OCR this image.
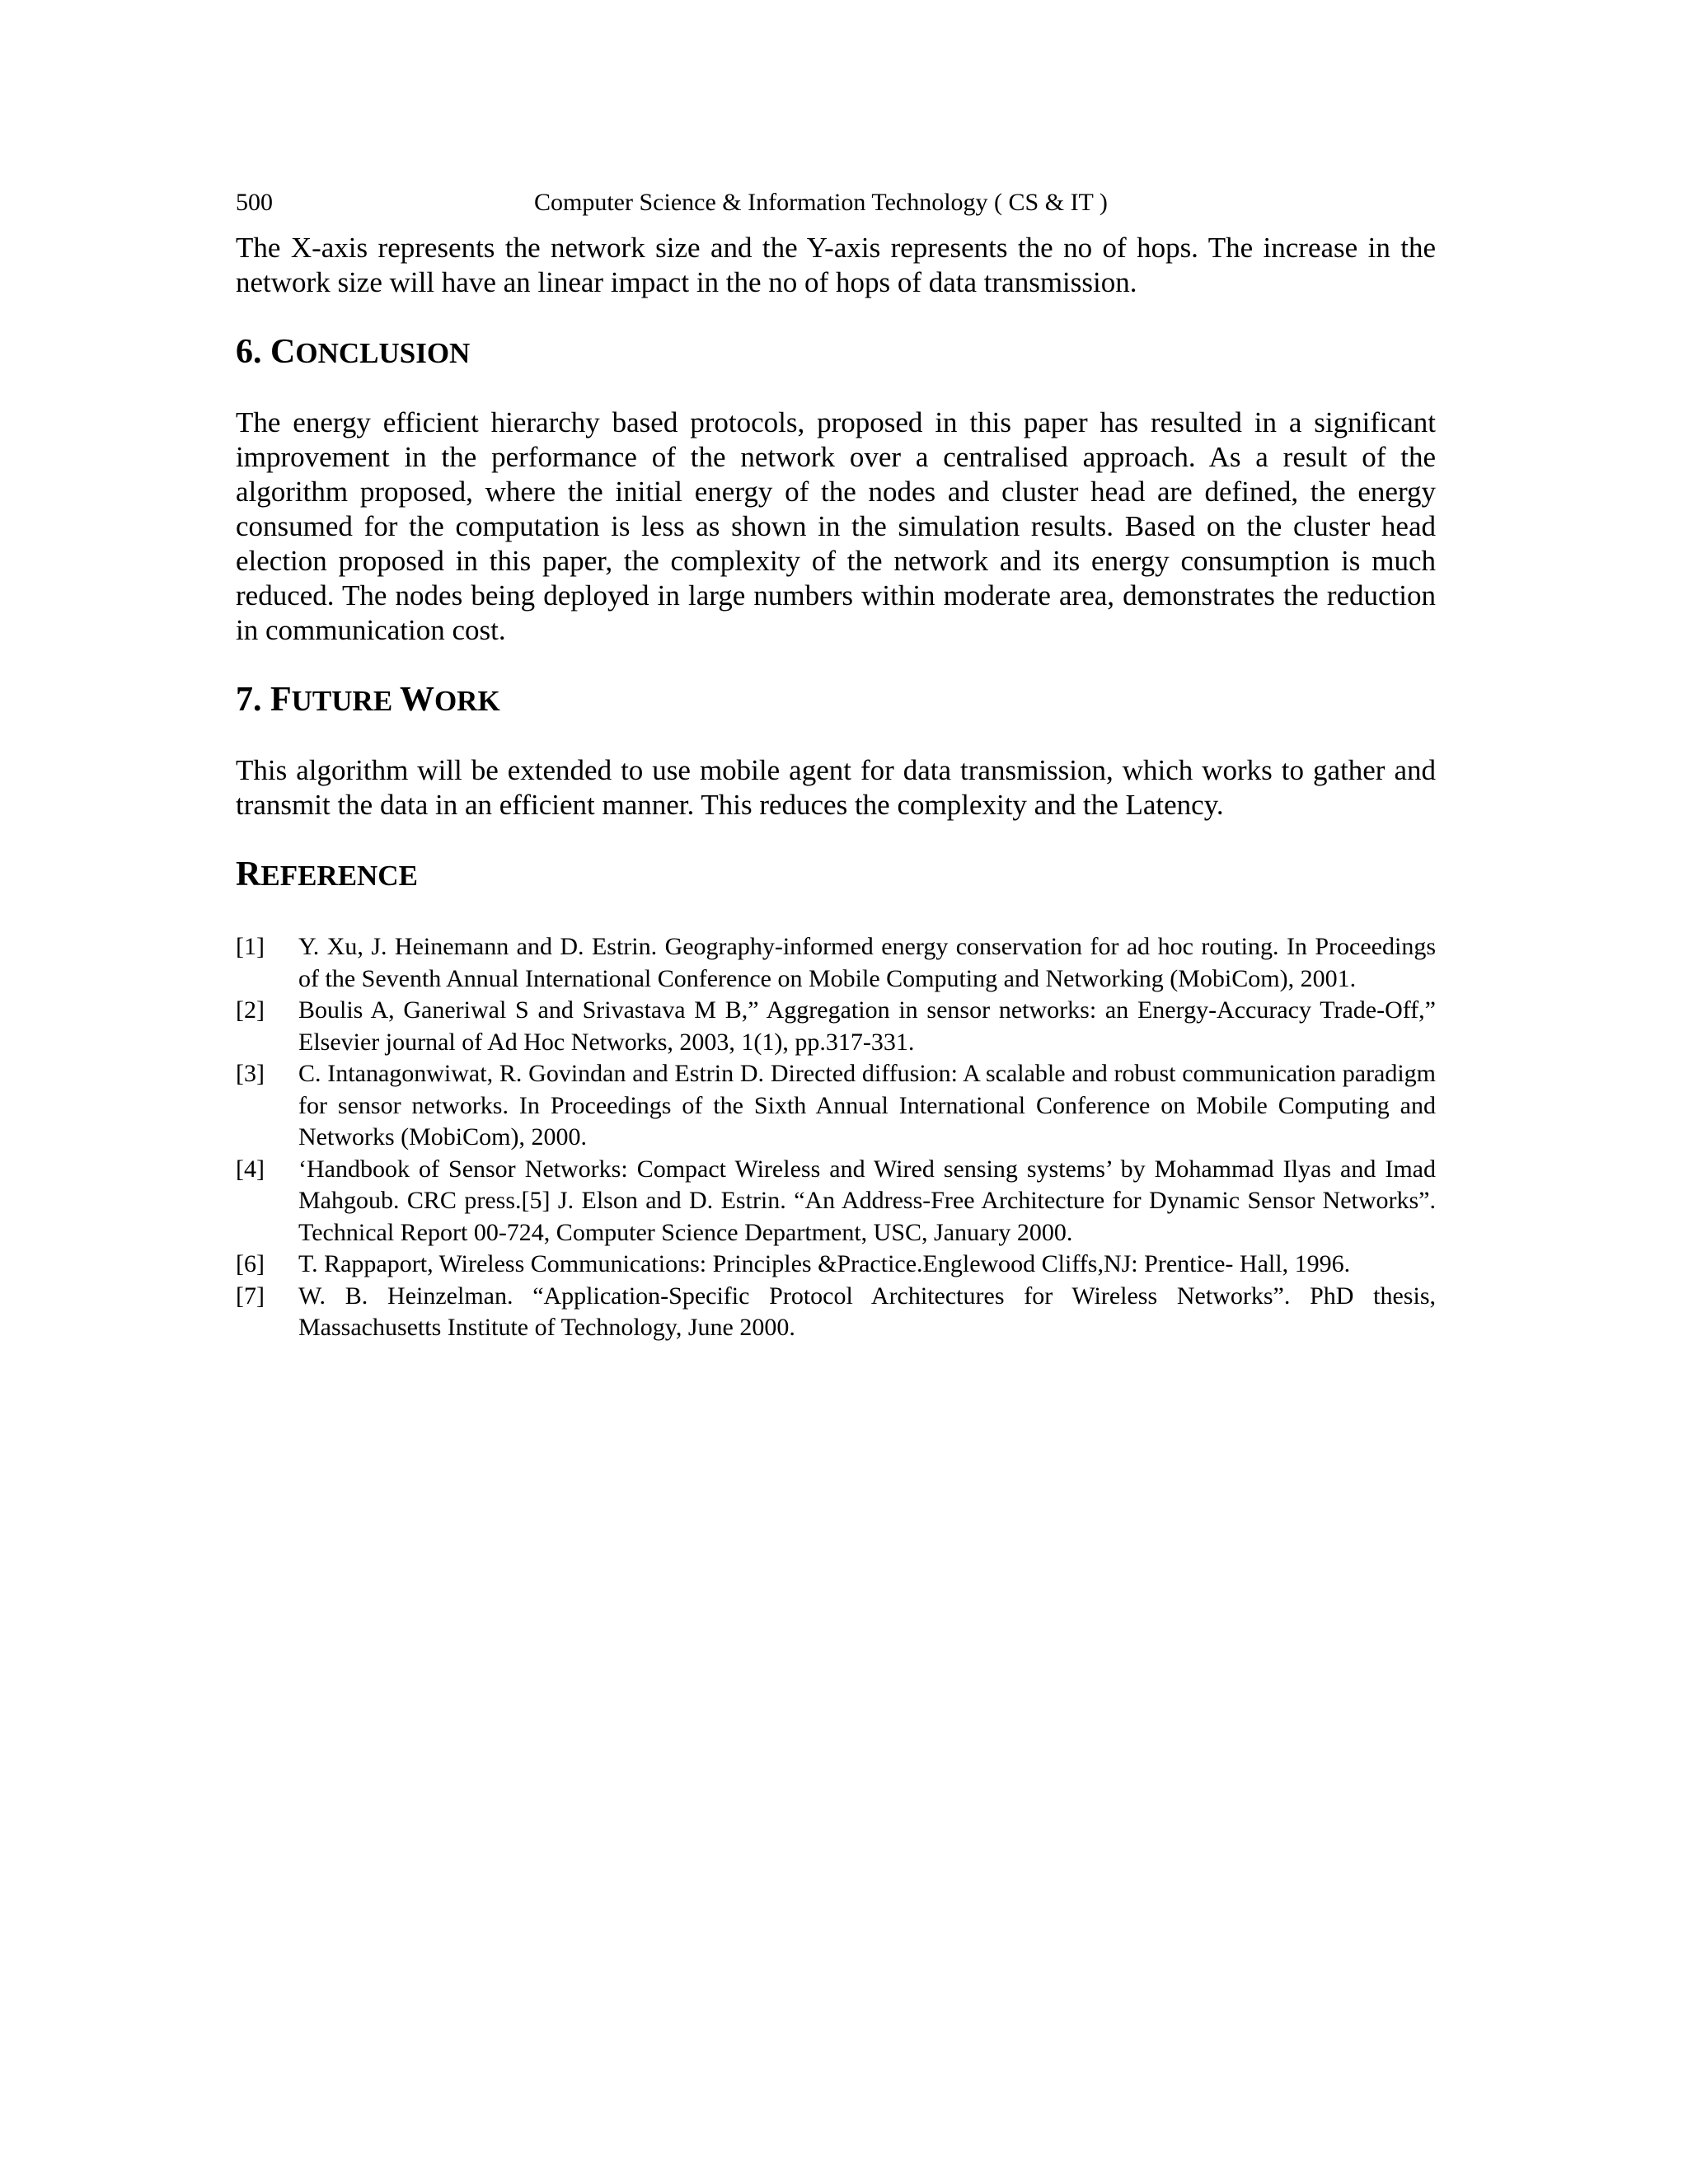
500	Computer Science & Information Technology ( CS & IT )

The X-axis represents the network size and the Y-axis represents the no of hops. The increase in the network size will have an linear impact in the no of hops of data transmission.

6. CONCLUSION

The energy efficient hierarchy based protocols, proposed in this paper has resulted in a significant improvement in the performance of the network over a centralised approach. As a result of the algorithm proposed, where the initial energy of the nodes and cluster head are defined, the energy consumed for the computation is less as shown in the simulation results. Based on the cluster head election proposed in this paper, the complexity of the network and its energy consumption is much reduced. The nodes being deployed in large numbers within moderate area, demonstrates the reduction in communication cost.

7. FUTURE WORK

This algorithm will be extended to use mobile agent for data transmission, which works to gather and transmit the data in an efficient manner. This reduces the complexity and the Latency.

REFERENCE
[1] Y. Xu, J. Heinemann and D. Estrin. Geography-informed energy conservation for ad hoc routing. In Proceedings of the Seventh Annual International Conference on Mobile Computing and Networking (MobiCom), 2001.
[2] Boulis A, Ganeriwal S and Srivastava M B,” Aggregation in sensor networks: an Energy-Accuracy Trade-Off,” Elsevier journal of Ad Hoc Networks, 2003, 1(1), pp.317-331.
[3] C. Intanagonwiwat, R. Govindan and Estrin D. Directed diffusion: A scalable and robust communication paradigm for sensor networks. In Proceedings of the Sixth Annual International Conference on Mobile Computing and Networks (MobiCom), 2000.
[4] ‘Handbook of Sensor Networks: Compact Wireless and Wired sensing systems’ by Mohammad Ilyas and Imad Mahgoub. CRC press.[5] J. Elson and D. Estrin. “An Address-Free Architecture for Dynamic Sensor Networks”. Technical Report 00-724, Computer Science Department, USC, January 2000.
[6] T. Rappaport, Wireless Communications: Principles &Practice.Englewood Cliffs,NJ: Prentice- Hall, 1996.
[7] W. B. Heinzelman. “Application-Specific Protocol Architectures for Wireless Networks”. PhD thesis, Massachusetts Institute of Technology, June 2000.
